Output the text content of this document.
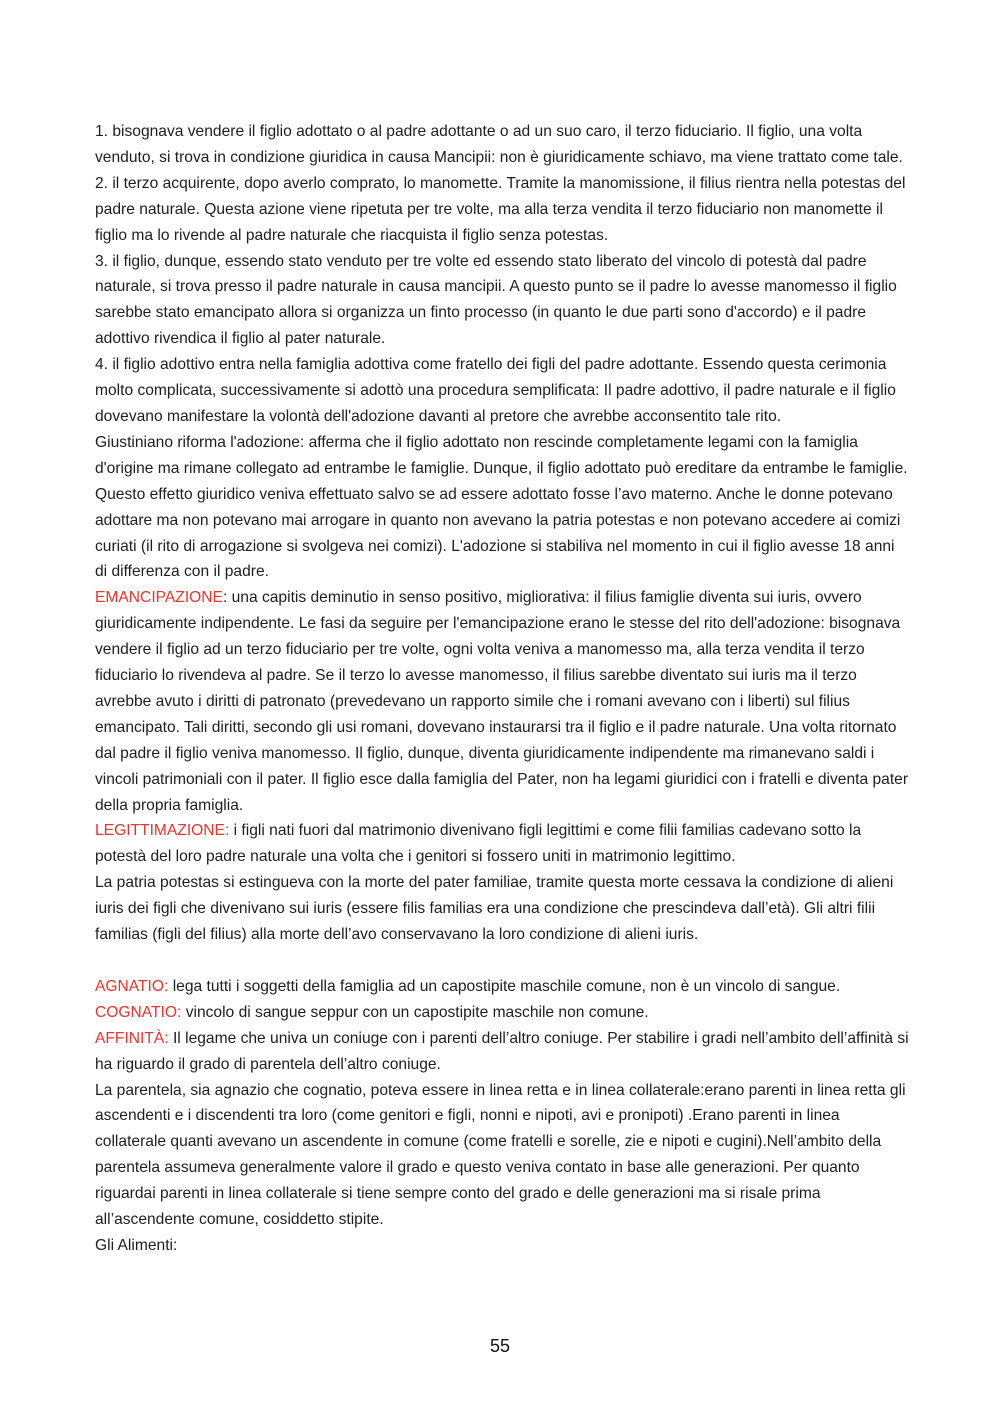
1. bisognava vendere il figlio adottato o al padre adottante o ad un suo caro, il terzo fiduciario. Il figlio, una volta venduto, si trova in condizione giuridica in causa Mancipii: non è giuridicamente schiavo, ma viene trattato come tale.

2. il terzo acquirente, dopo averlo comprato, lo manomette. Tramite la manomissione, il filius rientra nella potestas del padre naturale. Questa azione viene ripetuta per tre volte, ma alla terza vendita il terzo fiduciario non manomette il figlio ma lo rivende al padre naturale che riacquista il figlio senza potestas.

3. il figlio, dunque, essendo stato venduto per tre volte ed essendo stato liberato del vincolo di potestà dal padre naturale, si trova presso il padre naturale in causa mancipii. A questo punto se il padre lo avesse manomesso il figlio sarebbe stato emancipato allora si organizza un finto processo (in quanto le due parti sono d'accordo) e il padre adottivo rivendica il figlio al pater naturale.

4. il figlio adottivo entra nella famiglia adottiva come fratello dei figli del padre adottante. Essendo questa cerimonia molto complicata, successivamente si adottò una procedura semplificata: Il padre adottivo, il padre naturale e il figlio dovevano manifestare la volontà dell'adozione davanti al pretore che avrebbe acconsentito tale rito.

Giustiniano riforma l'adozione: afferma che il figlio adottato non rescinde completamente legami con la famiglia d'origine ma rimane collegato ad entrambe le famiglie. Dunque, il figlio adottato può ereditare da entrambe le famiglie. Questo effetto giuridico veniva effettuato salvo se ad essere adottato fosse l’avo materno. Anche le donne potevano adottare ma non potevano mai arrogare in quanto non avevano la patria potestas e non potevano accedere ai comizi curiati (il rito di arrogazione si svolgeva nei comizi). L'adozione si stabiliva nel momento in cui il figlio avesse 18 anni di differenza con il padre.

EMANCIPAZIONE: una capitis deminutio in senso positivo, migliorativa: il filius famiglie diventa sui iuris, ovvero giuridicamente indipendente. Le fasi da seguire per l'emancipazione erano le stesse del rito dell'adozione: bisognava vendere il figlio ad un terzo fiduciario per tre volte, ogni volta veniva a manomesso ma, alla terza vendita il terzo fiduciario lo rivendeva al padre. Se il terzo lo avesse manomesso, il filius sarebbe diventato sui iuris ma il terzo avrebbe avuto i diritti di patronato (prevedevano un rapporto simile che i romani avevano con i liberti) sul filius emancipato. Tali diritti, secondo gli usi romani, dovevano instaurarsi tra il figlio e il padre naturale. Una volta ritornato dal padre il figlio veniva manomesso. Il figlio, dunque, diventa giuridicamente indipendente ma rimanevano saldi i vincoli patrimoniali con il pater. Il figlio esce dalla famiglia del Pater, non ha legami giuridici con i fratelli e diventa pater della propria famiglia.

LEGITTIMAZIONE: i figli nati fuori dal matrimonio divenivano figli legittimi e come filii familias cadevano sotto la potestà del loro padre naturale una volta che i genitori si fossero uniti in matrimonio legittimo.

La patria potestas si estingueva con la morte del pater familiae, tramite questa morte cessava la condizione di alieni iuris dei figli che divenivano sui iuris (essere filis familias era una condizione che prescindeva dall’età). Gli altri filii familias (figli del filius) alla morte dell’avo conservavano la loro condizione di alieni iuris.

AGNATIO: lega tutti i soggetti della famiglia ad un capostipite maschile comune, non è un vincolo di sangue.

COGNATIO: vincolo di sangue seppur con un capostipite maschile non comune.

AFFINITÀ: Il legame che univa un coniuge con i parenti dell’altro coniuge. Per stabilire i gradi nell’ambito dell’affinità si ha riguardo il grado di parentela dell’altro coniuge.

La parentela, sia agnazio che cognatio, poteva essere in linea retta e in linea collaterale:erano parenti in linea retta gli ascendenti e i discendenti tra loro (come genitori e figli, nonni e nipoti, avi e pronipoti) .Erano parenti in linea collaterale quanti avevano un ascendente in comune (come fratelli e sorelle, zie e nipoti e cugini).Nell’ambito della parentela assumeva generalmente valore il grado e questo veniva contato in base alle generazioni. Per quanto riguardai parenti in linea collaterale si tiene sempre conto del grado e delle generazioni ma si risale prima all’ascendente comune, cosiddetto stipite.

Gli Alimenti:

55
